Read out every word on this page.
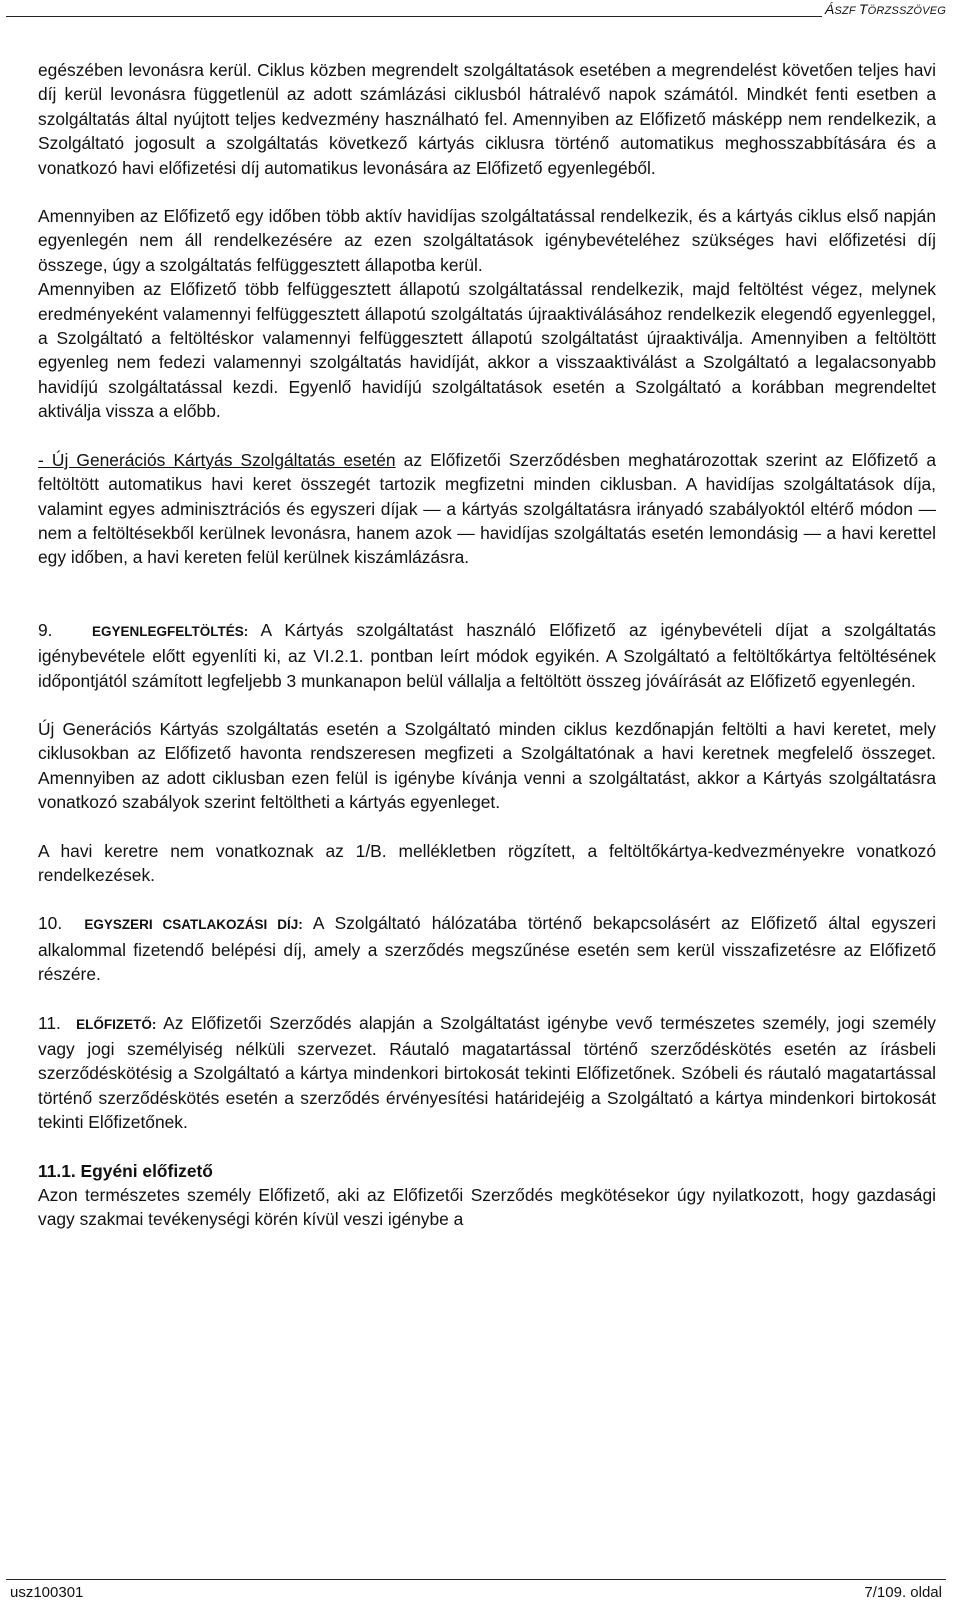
ÁSZF TÖRZSSZÖVEG

egészében levonásra kerül. Ciklus közben megrendelt szolgáltatások esetében a megrendelést követően teljes havi díj kerül levonásra függetlenül az adott számlázási ciklusból hátralévő napok számától. Mindkét fenti esetben a szolgáltatás által nyújtott teljes kedvezmény használható fel. Amennyiben az Előfizető másképp nem rendelkezik, a Szolgáltató jogosult a szolgáltatás következő kártyás ciklusra történő automatikus meghosszabbítására és a vonatkozó havi előfizetési díj automatikus levonására az Előfizető egyenlegéből.

Amennyiben az Előfizető egy időben több aktív havidíjas szolgáltatással rendelkezik, és a kártyás ciklus első napján egyenlegén nem áll rendelkezésére az ezen szolgáltatások igénybevételéhez szükséges havi előfizetési díj összege, úgy a szolgáltatás felfüggesztett állapotba kerül.

Amennyiben az Előfizető több felfüggesztett állapotú szolgáltatással rendelkezik, majd feltöltést végez, melynek eredményeként valamennyi felfüggesztett állapotú szolgáltatás újraaktiválásához rendelkezik elegendő egyenleggel, a Szolgáltató a feltöltéskor valamennyi felfüggesztett állapotú szolgáltatást újraaktiválja. Amennyiben a feltöltött egyenleg nem fedezi valamennyi szolgáltatás havidíját, akkor a visszaaktiválást a Szolgáltató a legalacsonyabb havidíjú szolgáltatással kezdi. Egyenlő havidíjú szolgáltatások esetén a Szolgáltató a korábban megrendeltet aktiválja vissza a előbb.

- Új Generációs Kártyás Szolgáltatás esetén az Előfizetői Szerződésben meghatározottak szerint az Előfizető a feltöltött automatikus havi keret összegét tartozik megfizetni minden ciklusban. A havidíjas szolgáltatások díja, valamint egyes adminisztrációs és egyszeri díjak — a kártyás szolgáltatásra irányadó szabályoktól eltérő módon — nem a feltöltésekből kerülnek levonásra, hanem azok — havidíjas szolgáltatás esetén lemondásig — a havi kerettel egy időben, a havi kereten felül kerülnek kiszámlázásra.

9.   EGYENLEGFELTÖLTÉS: A Kártyás szolgáltatást használó Előfizető az igénybevételi díjat a szolgáltatás igénybevétele előtt egyenlíti ki, az VI.2.1. pontban leírt módok egyikén. A Szolgáltató a feltöltőkártya feltöltésének időpontjától számított legfeljebb 3 munkanapon belül vállalja a feltöltött összeg jóváírását az Előfizető egyenlegén.

Új Generációs Kártyás szolgáltatás esetén a Szolgáltató minden ciklus kezdőnapján feltölti a havi keretet, mely ciklusokban az Előfizető havonta rendszeresen megfizeti a Szolgáltatónak a havi keretnek megfelelő összeget. Amennyiben az adott ciklusban ezen felül is igénybe kívánja venni a szolgáltatást, akkor a Kártyás szolgáltatásra vonatkozó szabályok szerint feltöltheti a kártyás egyenleget.

A havi keretre nem vonatkoznak az 1/B. mellékletben rögzített, a feltöltőkártya-kedvezményekre vonatkozó rendelkezések.

10.  EGYSZERI CSATLAKOZÁSI DÍJ: A Szolgáltató hálózatába történő bekapcsolásért az Előfizető által egyszeri alkalommal fizetendő belépési díj, amely a szerződés megszűnése esetén sem kerül visszafizetésre az Előfizető részére.

11.  ELŐFIZETŐ: Az Előfizetői Szerződés alapján a Szolgáltatást igénybe vevő természetes személy, jogi személy vagy jogi személyiség nélküli szervezet. Ráutaló magatartással történő szerződéskötés esetén az írásbeli szerződéskötésig a Szolgáltató a kártya mindenkori birtokosát tekinti Előfizetőnek. Szóbeli és ráutaló magatartással történő szerződéskötés esetén a szerződés érvényesítési határidejéig a Szolgáltató a kártya mindenkori birtokosát tekinti Előfizetőnek.

11.1. Egyéni előfizető

Azon természetes személy Előfizető, aki az Előfizetői Szerződés megkötésekor úgy nyilatkozott, hogy gazdasági vagy szakmai tevékenységi körén kívül veszi igénybe a

usz100301	7/109. oldal
